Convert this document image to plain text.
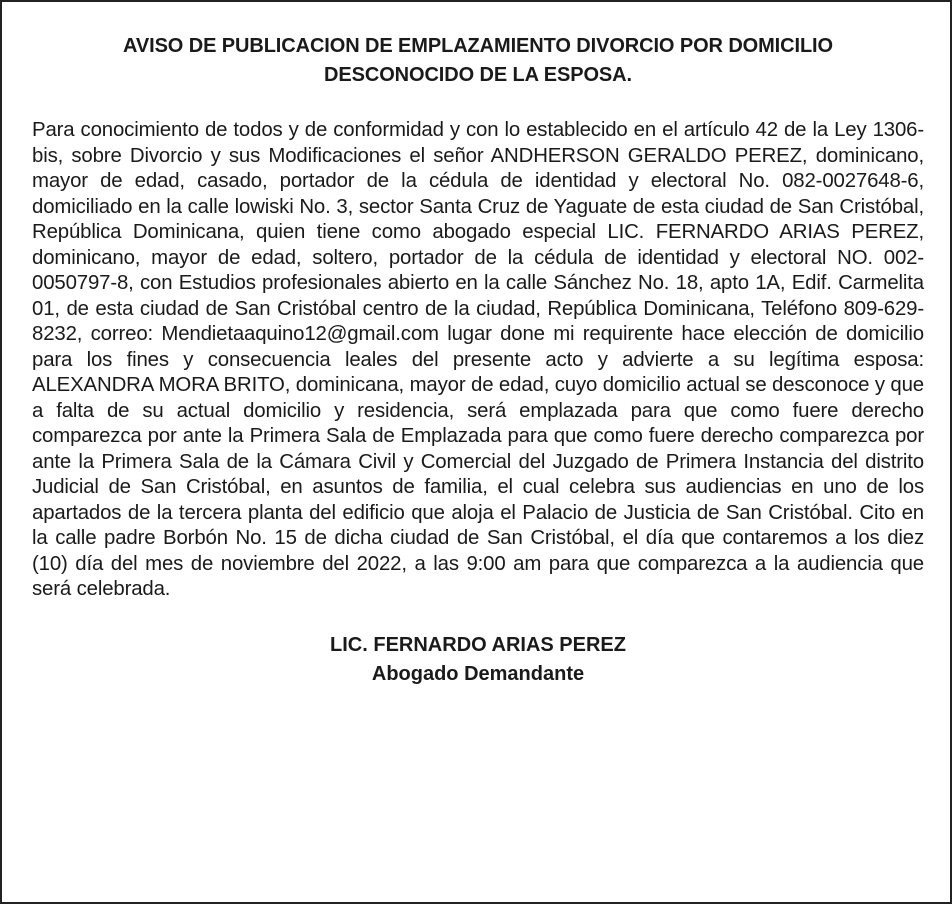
AVISO DE PUBLICACION DE EMPLAZAMIENTO DIVORCIO POR DOMICILIO
DESCONOCIDO DE LA ESPOSA.

Para conocimiento de todos y de conformidad y con lo establecido en el artículo 42 de la Ley 1306-bis, sobre Divorcio y sus Modificaciones el señor ANDHERSON GERALDO PEREZ, dominicano, mayor de edad, casado, portador de la cédula de identidad y electoral No. 082-0027648-6, domiciliado en la calle lowiski No. 3, sector Santa Cruz de Yaguate de esta ciudad de San Cristóbal, República Dominicana, quien tiene como abogado especial LIC. FERNARDO ARIAS PEREZ, dominicano, mayor de edad, soltero, portador de la cédula de identidad y electoral NO. 002-0050797-8, con Estudios profesionales abierto en la calle Sánchez No. 18, apto 1A, Edif. Carmelita 01, de esta ciudad de San Cristóbal centro de la ciudad, República Dominicana, Teléfono 809-629-8232, correo: Mendietaaquino12@gmail.com lugar done mi requirente hace elección de domicilio para los fines y consecuencia leales del presente acto y advierte a su legítima esposa: ALEXANDRA MORA BRITO, dominicana, mayor de edad, cuyo domicilio actual se desconoce y que a falta de su actual domicilio y residencia, será emplazada para que como fuere derecho comparezca por ante la Primera Sala de Emplazada para que como fuere derecho comparezca por ante la Primera Sala de la Cámara Civil y Comercial del Juzgado de Primera Instancia del distrito Judicial de San Cristóbal, en asuntos de familia, el cual celebra sus audiencias en uno de los apartados de la tercera planta del edificio que aloja el Palacio de Justicia de San Cristóbal. Cito en la calle padre Borbón No. 15 de dicha ciudad de San Cristóbal, el día que contaremos a los diez (10) día del mes de noviembre del 2022, a las 9:00 am para que comparezca a la audiencia que será celebrada.

LIC. FERNARDO ARIAS PEREZ
Abogado Demandante
